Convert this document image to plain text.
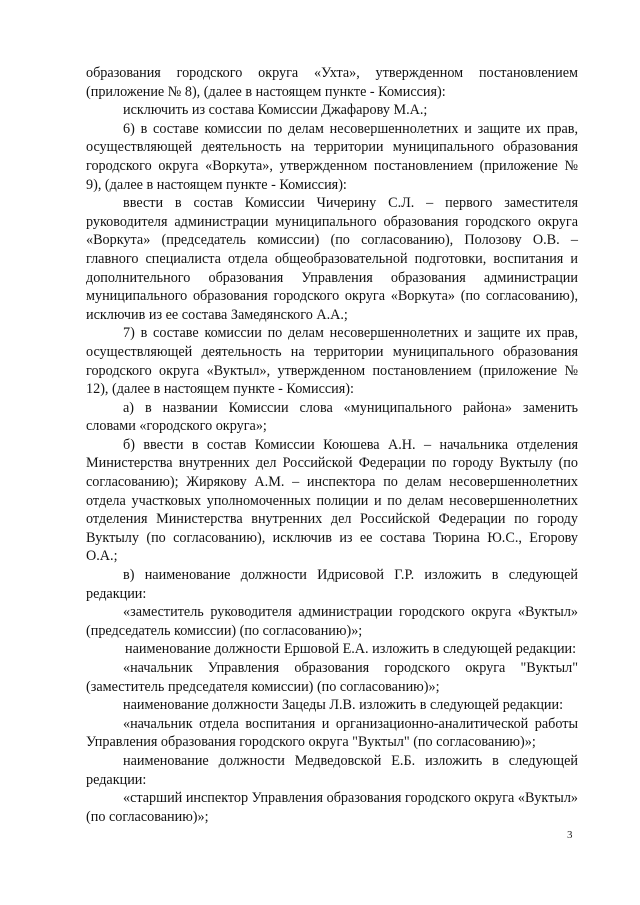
образования городского округа «Ухта», утвержденном постановлением (приложение № 8), (далее в настоящем пункте - Комиссия):

исключить из состава Комиссии Джафарову М.А.;

6) в составе комиссии по делам несовершеннолетних и защите их прав, осуществляющей деятельность на территории муниципального образования городского округа «Воркута», утвержденном постановлением (приложение № 9), (далее в настоящем пункте - Комиссия):

ввести в состав Комиссии Чичерину С.Л. – первого заместителя руководителя администрации муниципального образования городского округа «Воркута» (председатель комиссии) (по согласованию), Полозову О.В. – главного специалиста отдела общеобразовательной подготовки, воспитания и дополнительного образования Управления образования администрации муниципального образования городского округа «Воркута» (по согласованию), исключив из ее состава Замедянского А.А.;

7) в составе комиссии по делам несовершеннолетних и защите их прав, осуществляющей деятельность на территории муниципального образования городского округа «Вуктыл», утвержденном постановлением (приложение № 12), (далее в настоящем пункте - Комиссия):

а) в названии Комиссии слова «муниципального района» заменить словами «городского округа»;

б) ввести в состав Комиссии Коюшева А.Н. – начальника отделения Министерства внутренних дел Российской Федерации по городу Вуктылу (по согласованию); Жирякову А.М. – инспектора по делам несовершеннолетних отдела участковых уполномоченных полиции и по делам несовершеннолетних отделения Министерства внутренних дел Российской Федерации по городу Вуктылу (по согласованию), исключив из ее состава Тюрина Ю.С., Егорову О.А.;

в) наименование должности Идрисовой Г.Р. изложить в следующей редакции:

«заместитель руководителя администрации городского округа «Вуктыл» (председатель комиссии) (по согласованию)»;

наименование должности Ершовой Е.А. изложить в следующей редакции:

«начальник Управления образования городского округа "Вуктыл" (заместитель председателя комиссии) (по согласованию)»;

наименование должности Зацеды Л.В. изложить в следующей редакции:

«начальник отдела воспитания и организационно-аналитической работы Управления образования городского округа "Вуктыл" (по согласованию)»;

наименование должности Медведовской Е.Б. изложить в следующей редакции:

«старший инспектор Управления образования городского округа «Вуктыл» (по согласованию)»;

3
